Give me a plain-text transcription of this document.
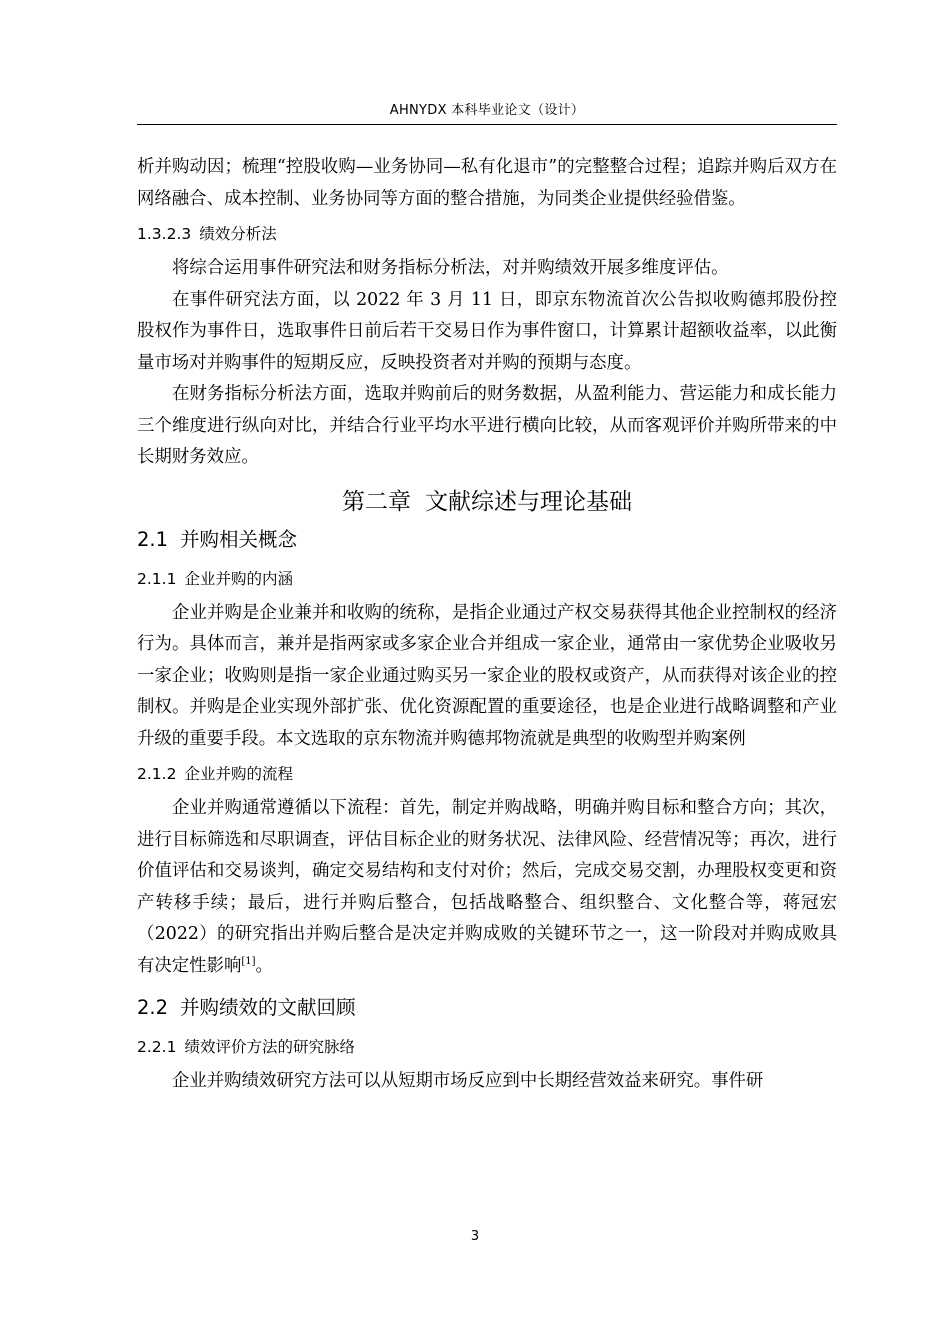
AHNYDX 本科毕业论文（设计）

析并购动因；梳理“控股收购—业务协同—私有化退市”的完整整合过程；追踪并购后双方在网络融合、成本控制、业务协同等方面的整合措施，为同类企业提供经验借鉴。

1.3.2.3 绩效分析法

将综合运用事件研究法和财务指标分析法，对并购绩效开展多维度评估。

在事件研究法方面，以 2022 年 3 月 11 日，即京东物流首次公告拟收购德邦股份控股权作为事件日，选取事件日前后若干交易日作为事件窗口，计算累计超额收益率，以此衡量市场对并购事件的短期反应，反映投资者对并购的预期与态度。

在财务指标分析法方面，选取并购前后的财务数据，从盈利能力、营运能力和成长能力三个维度进行纵向对比，并结合行业平均水平进行横向比较，从而客观评价并购所带来的中长期财务效应。

第二章 文献综述与理论基础
2.1 并购相关概念
2.1.1 企业并购的内涵

企业并购是企业兼并和收购的统称，是指企业通过产权交易获得其他企业控制权的经济行为。具体而言，兼并是指两家或多家企业合并组成一家企业，通常由一家优势企业吸收另一家企业；收购则是指一家企业通过购买另一家企业的股权或资产，从而获得对该企业的控制权。并购是企业实现外部扩张、优化资源配置的重要途径，也是企业进行战略调整和产业升级的重要手段。本文选取的京东物流并购德邦物流就是典型的收购型并购案例

2.1.2 企业并购的流程

企业并购通常遵循以下流程：首先，制定并购战略，明确并购目标和整合方向；其次，进行目标筛选和尽职调查，评估目标企业的财务状况、法律风险、经营情况等；再次，进行价值评估和交易谈判，确定交易结构和支付对价；然后，完成交易交割，办理股权变更和资产转移手续；最后，进行并购后整合，包括战略整合、组织整合、文化整合等，蒋冠宏（2022）的研究指出并购后整合是决定并购成败的关键环节之一，这一阶段对并购成败具有决定性影响[1]。

2.2 并购绩效的文献回顾
2.2.1 绩效评价方法的研究脉络

企业并购绩效研究方法可以从短期市场反应到中长期经营效益来研究。事件研

3
